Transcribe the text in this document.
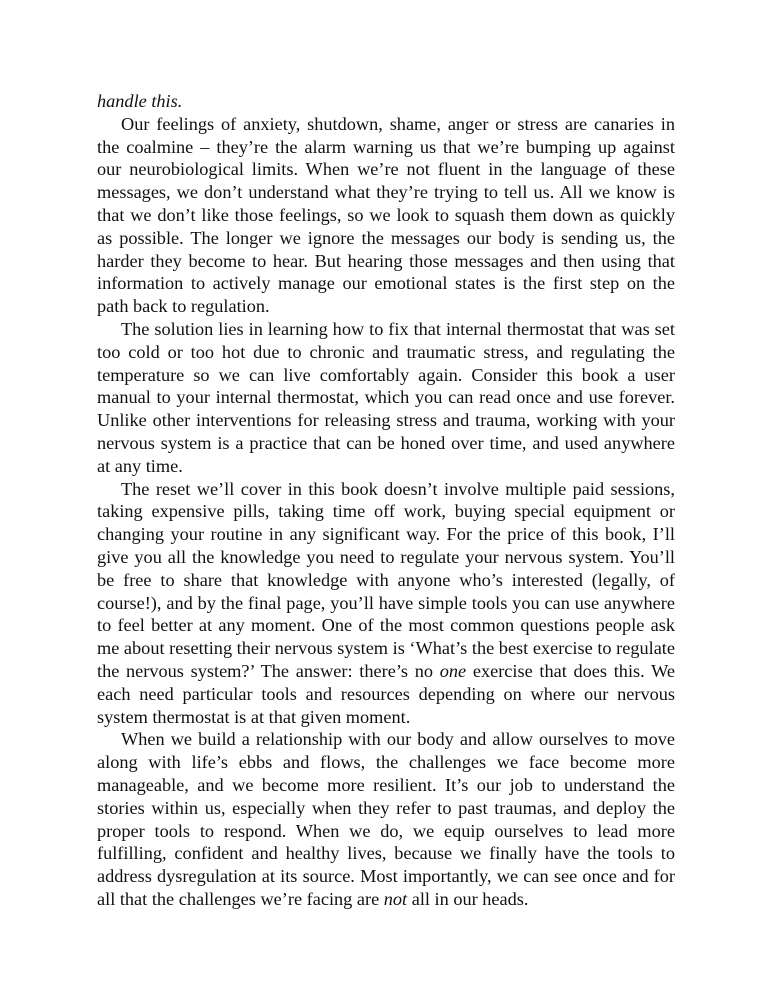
handle this.

Our feelings of anxiety, shutdown, shame, anger or stress are canaries in the coalmine – they’re the alarm warning us that we’re bumping up against our neurobiological limits. When we’re not fluent in the language of these messages, we don’t understand what they’re trying to tell us. All we know is that we don’t like those feelings, so we look to squash them down as quickly as possible. The longer we ignore the messages our body is sending us, the harder they become to hear. But hearing those messages and then using that information to actively manage our emotional states is the first step on the path back to regulation.

The solution lies in learning how to fix that internal thermostat that was set too cold or too hot due to chronic and traumatic stress, and regulating the temperature so we can live comfortably again. Consider this book a user manual to your internal thermostat, which you can read once and use forever. Unlike other interventions for releasing stress and trauma, working with your nervous system is a practice that can be honed over time, and used anywhere at any time.

The reset we’ll cover in this book doesn’t involve multiple paid sessions, taking expensive pills, taking time off work, buying special equipment or changing your routine in any significant way. For the price of this book, I’ll give you all the knowledge you need to regulate your nervous system. You’ll be free to share that knowledge with anyone who’s interested (legally, of course!), and by the final page, you’ll have simple tools you can use anywhere to feel better at any moment. One of the most common questions people ask me about resetting their nervous system is ‘What’s the best exercise to regulate the nervous system?’ The answer: there’s no one exercise that does this. We each need particular tools and resources depending on where our nervous system thermostat is at that given moment.

When we build a relationship with our body and allow ourselves to move along with life’s ebbs and flows, the challenges we face become more manageable, and we become more resilient. It’s our job to understand the stories within us, especially when they refer to past traumas, and deploy the proper tools to respond. When we do, we equip ourselves to lead more fulfilling, confident and healthy lives, because we finally have the tools to address dysregulation at its source. Most importantly, we can see once and for all that the challenges we’re facing are not all in our heads.
